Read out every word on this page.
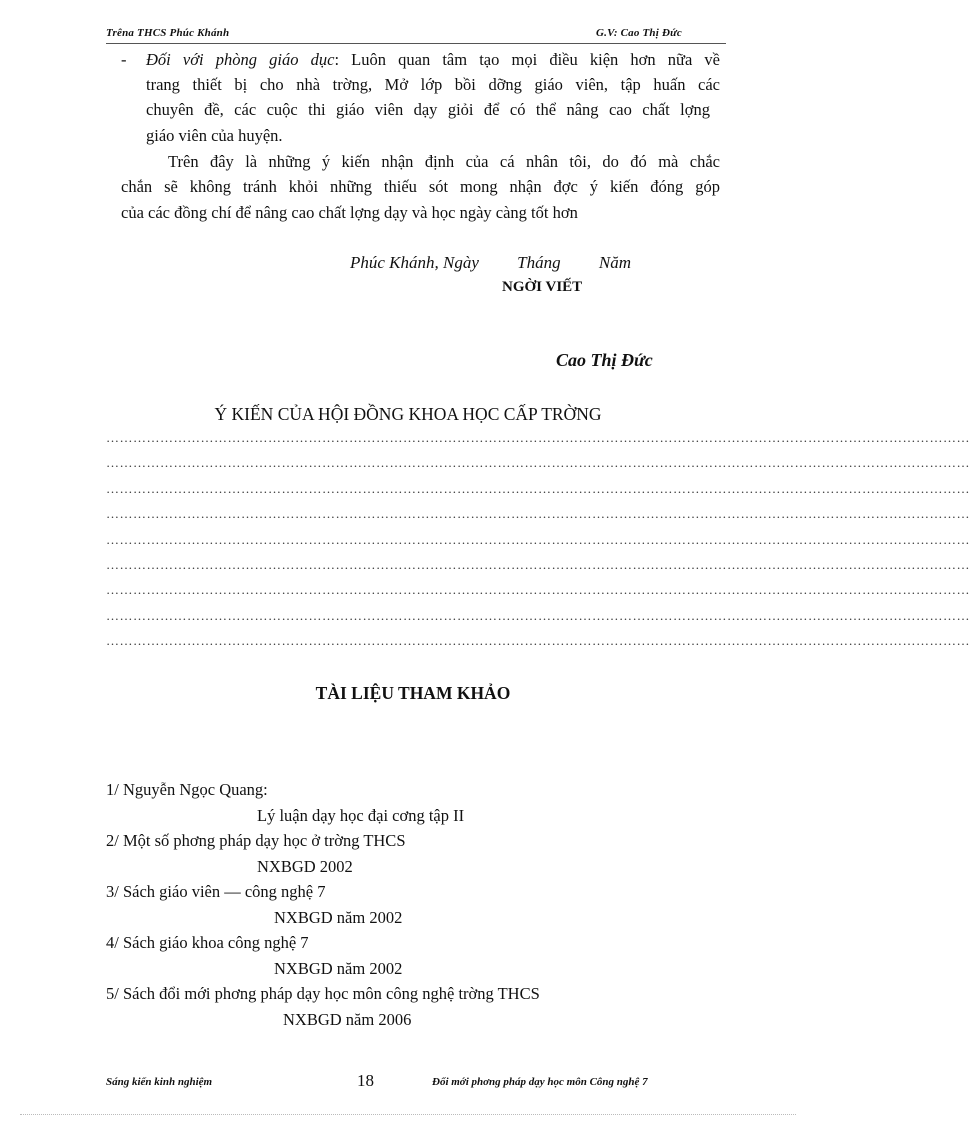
Trêna THCS Phúc Khánh	G.V: Cao Thị Đức
- Đối với phòng giáo dục: Luôn quan tâm tạo mọi điều kiện hơn nữa về
trang thiết bị cho nhà trờng, Mở lớp bồi dỡng giáo viên, tập huấn các
chuyên đề, các cuộc thi giáo viên dạy giỏi để có thể nâng cao chất lợng
giáo viên của huyện.
Trên đây là những ý kiến nhận định của cá nhân tôi, do đó mà chắc
chắn sẽ không tránh khỏi những thiếu sót mong nhận đợc ý kiến đóng góp
của các đồng chí để nâng cao chất lợng dạy và học ngày càng tốt hơn
Phúc Khánh, Ngày         Tháng         Năm
NGỜI VIẾT
Cao Thị Đức
Ý KIẾN CỦA HỘI ĐỒNG KHOA HỌC CẤP TRỜNG
…………………………………………………………………………………………………………………………………………………………………………
…………………………………………………………………………………………………………………………………………………………………………
…………………………………………………………………………………………………………………………………………………………………………
…………………………………………………………………………………………………………………………………………………………………………
…………………………………………………………………………………………………………………………………………………………………………
…………………………………………………………………………………………………………………………………………………………………………
…………………………………………………………………………………………………………………………………………………………………………
…………………………………………………………………………………………………………………………………………………………………………
…………………………………………………………………………………………………………………………………………………………………………
TÀI LIỆU THAM KHẢO
1/ Nguyễn Ngọc Quang:
Lý luận dạy học đại cơng tập II
2/ Một số phơng pháp dạy học ở trờng THCS
NXBGD 2002
3/ Sách giáo viên — công nghệ 7
NXBGD năm 2002
4/ Sách giáo khoa công nghệ 7
NXBGD năm 2002
5/ Sách đổi mới phơng pháp dạy học môn công nghệ trờng THCS
NXBGD năm 2006
Sáng kiến kinh nghiệm	18	Đổi mới phơng pháp dạy học môn Công nghệ 7
